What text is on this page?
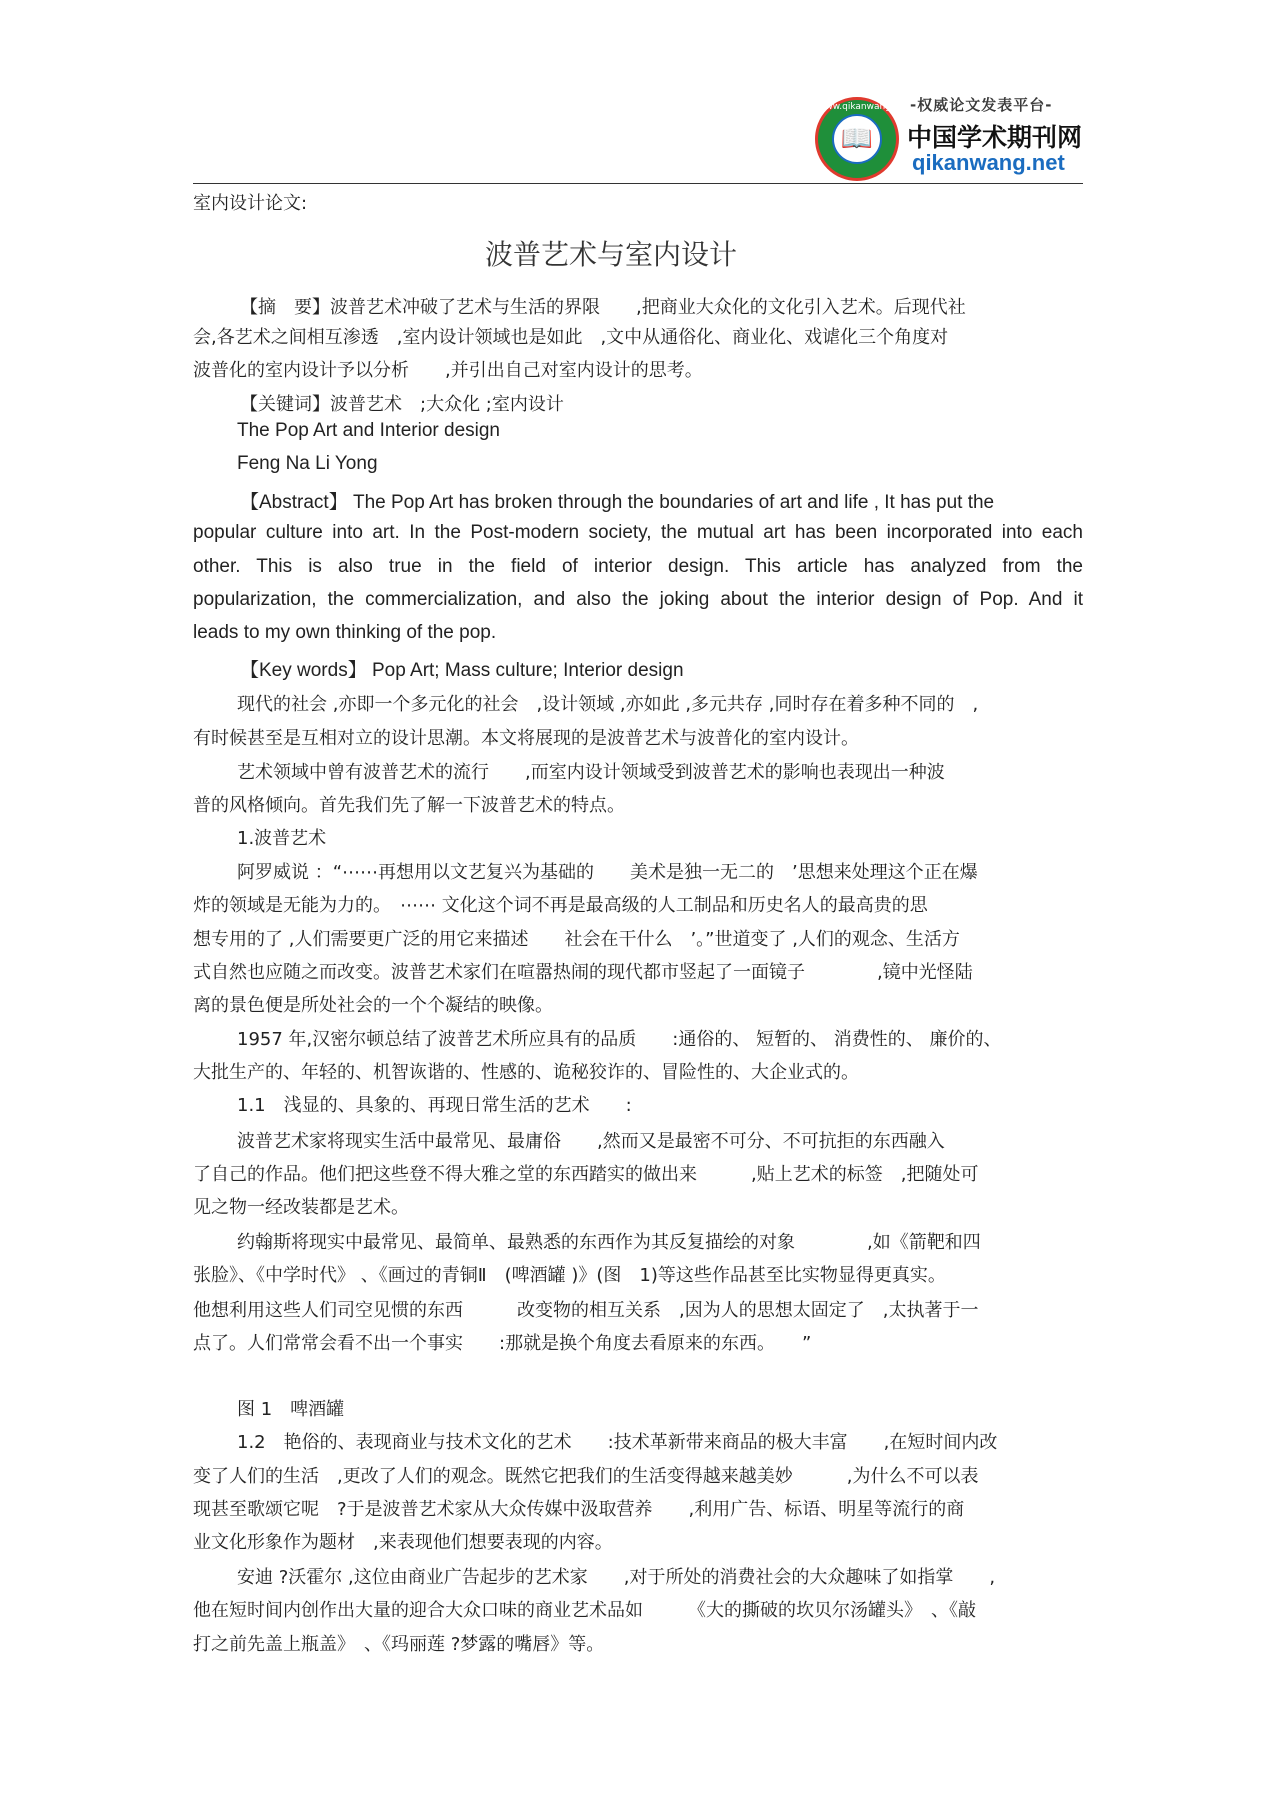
www.qikanwang.net
📖
-权威论文发表平台-
中国学术期刊网
qikanwang.net
室内设计论文:
波普艺术与室内设计
【摘　要】波普艺术冲破了艺术与生活的界限　　,把商业大众化的文化引入艺术。后现代社
会,各艺术之间相互渗透　,室内设计领域也是如此　,文中从通俗化、商业化、戏谑化三个角度对
波普化的室内设计予以分析　　,并引出自己对室内设计的思考。
【关键词】波普艺术　;大众化 ;室内设计
The Pop Art and Interior design
Feng Na Li Yong
【Abstract】 The Pop Art has broken through the boundaries of art and life , It has put the
popular culture into art. In the Post-modern society, the mutual art has been incorporated into each
other. This is also true in the field of interior design. This article has analyzed from the
popularization, the commercialization, and also the joking about the interior design of Pop. And it
leads to my own thinking of the pop.
【Key words】 Pop Art; Mass culture; Interior design
现代的社会 ,亦即一个多元化的社会　,设计领域 ,亦如此 ,多元共存 ,同时存在着多种不同的　,
有时候甚至是互相对立的设计思潮。本文将展现的是波普艺术与波普化的室内设计。
艺术领域中曾有波普艺术的流行　　,而室内设计领域受到波普艺术的影响也表现出一种波
普的风格倾向。首先我们先了解一下波普艺术的特点。
1.波普艺术
阿罗威说 ：“⋯⋯再想用以文艺复兴为基础的　　美术是独一无二的　’思想来处理这个正在爆
炸的领域是无能为力的。　⋯⋯ 文化这个词不再是最高级的人工制品和历史名人的最高贵的思
想专用的了 ,人们需要更广泛的用它来描述　　社会在干什么　’。”世道变了 ,人们的观念、生活方
式自然也应随之而改变。波普艺术家们在喧嚣热闹的现代都市竖起了一面镜子　　　　,镜中光怪陆
离的景色便是所处社会的一个个凝结的映像。
1957 年,汉密尔顿总结了波普艺术所应具有的品质　　:通俗的、 短暂的、 消费性的、 廉价的、
大批生产的、年轻的、机智诙谐的、性感的、诡秘狡诈的、冒险性的、大企业式的。
1.1　浅显的、具象的、再现日常生活的艺术　　:
波普艺术家将现实生活中最常见、最庸俗　　,然而又是最密不可分、不可抗拒的东西融入
了自己的作品。他们把这些登不得大雅之堂的东西踏实的做出来　　　,贴上艺术的标签　,把随处可
见之物一经改装都是艺术。
约翰斯将现实中最常见、最简单、最熟悉的东西作为其反复描绘的对象　　　　,如《箭靶和四
张脸》、《中学时代》 、《画过的青铜Ⅱ　(啤酒罐 )》(图　1)等这些作品甚至比实物显得更真实。
他想利用这些人们司空见惯的东西　　　改变物的相互关系　,因为人的思想太固定了　,太执著于一
点了。人们常常会看不出一个事实　　:那就是换个角度去看原来的东西。　　”
图 1　啤酒罐
1.2　艳俗的、表现商业与技术文化的艺术　　:技术革新带来商品的极大丰富　　,在短时间内改
变了人们的生活　,更改了人们的观念。既然它把我们的生活变得越来越美妙　　　,为什么不可以表
现甚至歌颂它呢　?于是波普艺术家从大众传媒中汲取营养　　,利用广告、标语、明星等流行的商
业文化形象作为题材　,来表现他们想要表现的内容。
安迪 ?沃霍尔 ,这位由商业广告起步的艺术家　　,对于所处的消费社会的大众趣味了如指掌　　,
他在短时间内创作出大量的迎合大众口味的商业艺术品如　　　《大的撕破的坎贝尔汤罐头》　、《敲
打之前先盖上瓶盖》　、《玛丽莲 ?梦露的嘴唇》等。
